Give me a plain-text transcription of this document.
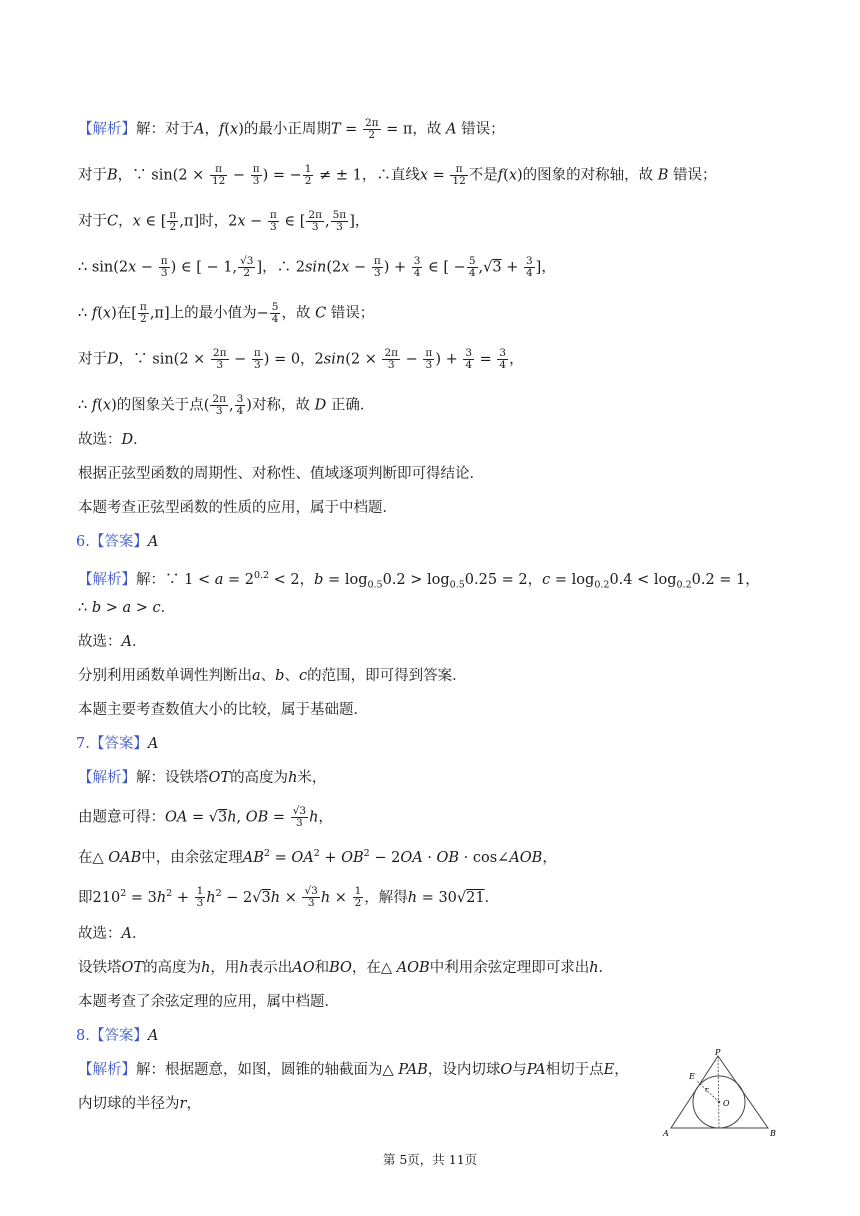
【解析】解：对于A，f(x)的最小正周期$T = \frac{2\pi}{2} = \pi$，故 A 错误；
对于B，∵ $\sin(2 \times \frac{\pi}{12} - \frac{\pi}{3}$ ) = − $\frac{1}{2}$ ≠ ± 1，∴直线$x = \frac{\pi}{12}$ 不是f(x)的图象的对称轴，故 B 错误；
对于C，x ∈ [ $\frac{\pi}{2} ,\pi$]时，$2x - \frac{\pi}{3}$ ∈ [ $\frac{2\pi}{3}$ , $\frac{5\pi}{3}$ ]，
∴ $\sin(2x - \frac{\pi}{3}$ ) ∈ [ − 1, $\frac{√3}{2}$ ]，∴ $2\sin(2x - \frac{\pi}{3}$ ) + $\frac{3}{4}$ ∈ [ − $\frac{5}{4} ,√3 + \frac{3}{4}$ ]，
∴ f(x)在[ $\frac{\pi}{2} ,\pi$]上的最小值为− $\frac{5}{4}$ ，故 C 错误；
对于D，∵ $\sin(2 \times \frac{2\pi}{3} - \frac{\pi}{3}$ ) = 0，$2\sin(2 \times \frac{2\pi}{3} - \frac{\pi}{3}$ ) + $\frac{3}{4} = \frac{3}{4}$ ，
∴ f(x)的图象关于点( $\frac{2\pi}{3}$ , $\frac{3}{4}$ )对称，故 D 正确．
故选：D．
根据正弦型函数的周期性、对称性、值域逐项判断即可得结论．
本题考查正弦型函数的性质的应用，属于中档题．
6.【答案】A
【解析】解：∵ $1 < a = 2^{0.2} < 2$，$b = \log_{0.5}0.2 > \log_{0.5}0.25 = 2$，$c = \log_{0.2}0.4 < \log_{0.2}0.2 = 1$，
∴ b > a > c．
故选：A．
分别利用函数单调性判断出a、b、c的范围，即可得到答案．
本题主要考查数值大小的比较，属于基础题．
7.【答案】A
【解析】解：设铁塔OT的高度为h米，
由题意可得：OA = √3h, OB = $\frac{√3}{3}$ h，
在△ OAB中，由余弦定理$AB^2 = OA^2 + OB^2 - 2OA$ · OB · cos∠AOB，
即$210^2 = 3h^2 + \frac{1}{3} h^2 - 2√3h \times \frac{√3}{3}$ $h \times \frac{1}{2}$ ，解得h = 30√21．
故选：A．
设铁塔OT的高度为h，用h表示出AO和BO，在△ AOB中利用余弦定理即可求出h．
本题考查了余弦定理的应用，属中档题．
8.【答案】A
【解析】解：根据题意，如图，圆锥的轴截面为△ PAB，设内切球O与PA相切于点E，
内切球的半径为r，
P
E
r
O
A	B
第 5页，共 11页
